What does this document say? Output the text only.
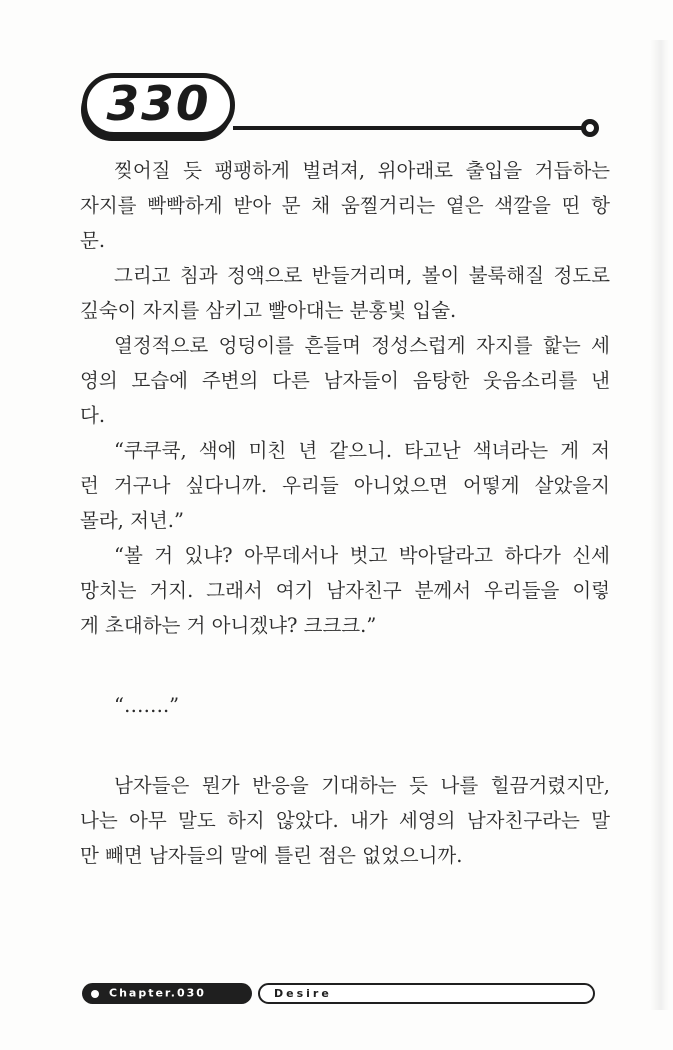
330
찢어질 듯 팽팽하게 벌려져, 위아래로 출입을 거듭하는
자지를 빡빡하게 받아 문 채 움찔거리는 옅은 색깔을 띤 항
문.
그리고 침과 정액으로 반들거리며, 볼이 불룩해질 정도로
깊숙이 자지를 삼키고 빨아대는 분홍빛 입술.
열정적으로 엉덩이를 흔들며 정성스럽게 자지를 핥는 세
영의 모습에 주변의 다른 남자들이 음탕한 웃음소리를 낸
다.
“쿠쿠쿡, 색에 미친 년 같으니. 타고난 색녀라는 게 저
런 거구나 싶다니까. 우리들 아니었으면 어떻게 살았을지
몰라, 저년.”
“볼 거 있냐? 아무데서나 벗고 박아달라고 하다가 신세
망치는 거지. 그래서 여기 남자친구 분께서 우리들을 이렇
게 초대하는 거 아니겠냐? 크크크.”
“…….”
남자들은 뭔가 반응을 기대하는 듯 나를 힐끔거렸지만,
나는 아무 말도 하지 않았다. 내가 세영의 남자친구라는 말
만 빼면 남자들의 말에 틀린 점은 없었으니까.
Chapter.030	Desire
